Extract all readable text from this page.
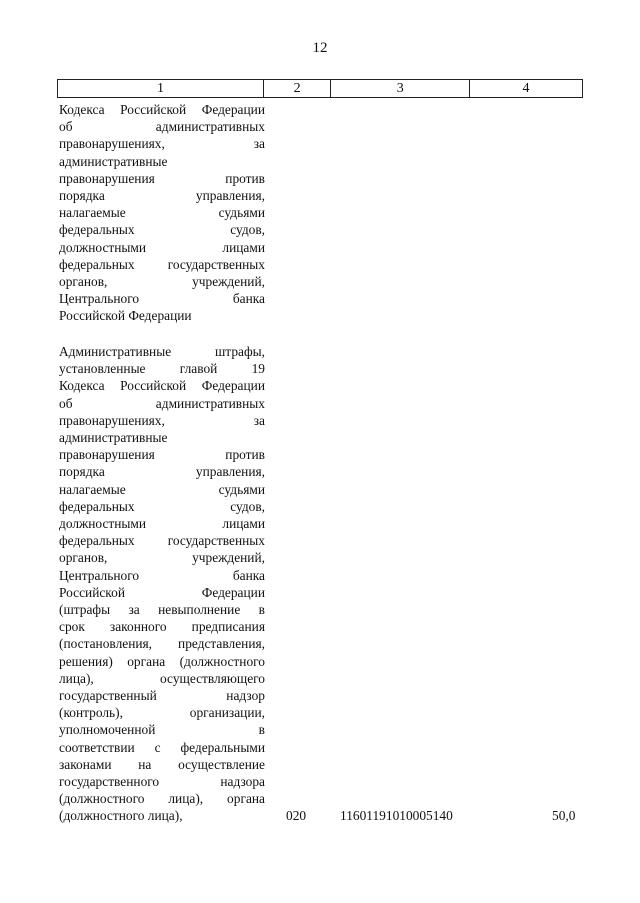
12
1	2	3	4
Кодекса Российской Федерации
об административных
правонарушениях, за
административные
правонарушения против
порядка управления,
налагаемые судьями
федеральных судов,
должностными лицами
федеральных государственных
органов, учреждений,
Центрального банка
Российской Федерации
Административные штрафы,
установленные главой 19
Кодекса Российской Федерации
об административных
правонарушениях, за
административные
правонарушения против
порядка управления,
налагаемые судьями
федеральных судов,
должностными лицами
федеральных государственных
органов, учреждений,
Центрального банка
Российской Федерации
(штрафы за невыполнение в
срок законного предписания
(постановления, представления,
решения) органа (должностного
лица), осуществляющего
государственный надзор
(контроль), организации,
уполномоченной в
соответствии с федеральными
законами на осуществление
государственного надзора
(должностного лица), органа
(должностного лица),	020	11601191010005140	50,0
